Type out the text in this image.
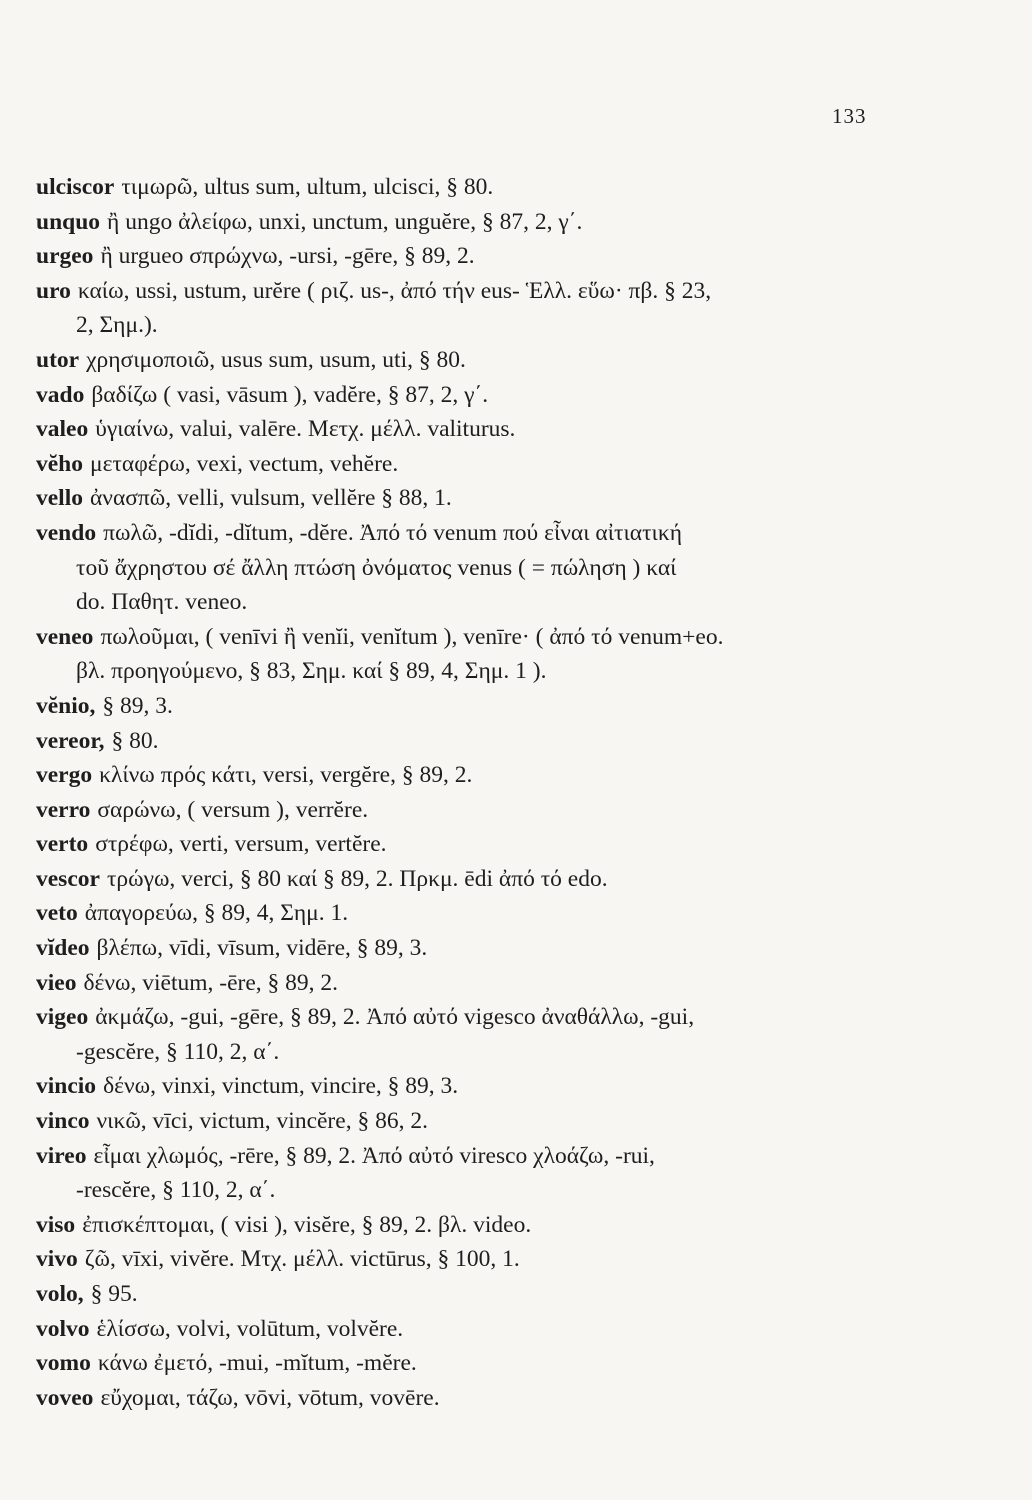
133
ulciscor τιμωρῶ, ultus sum, ultum, ulcisci, § 80.
unquo ἢ ungo ἀλείφω, unxi, unctum, unguĕre, § 87, 2, γ΄.
urgeo ἢ urgueo σπρώχνω, -ursi, -gēre, § 89, 2.
uro καίω, ussi, ustum, urĕre ( ριζ. us-, ἀπό τήν eus- Ἑλλ. εὕω· πβ. § 23,
2, Σημ.).
utor χρησιμοποιῶ, usus sum, usum, uti, § 80.
vado βαδίζω ( vasi, vāsum ), vadĕre, § 87, 2, γ΄.
valeo ὑγιαίνω, valui, valēre. Μετχ. μέλλ. valiturus.
vĕho μεταφέρω, vexi, vectum, vehĕre.
vello ἀνασπῶ, velli, vulsum, vellĕre § 88, 1.
vendo πωλῶ, -dĭdi, -dĭtum, -dĕre. Ἀπό τό venum πού εἶναι αἰτιατική
τοῦ ἄχρηστου σέ ἄλλη πτώση ὀνόματος venus ( = πώληση ) καί
do. Παθητ. veneo.
veneo πωλοῦμαι, ( venīvi ἢ venĭi, venĭtum ), venīre· ( ἀπό τό venum+eo.
βλ. προηγούμενο, § 83, Σημ. καί § 89, 4, Σημ. 1 ).
vĕnio, § 89, 3.
vereor, § 80.
vergo κλίνω πρός κάτι, versi, vergĕre, § 89, 2.
verro σαρώνω, ( versum ), verrĕre.
verto στρέφω, verti, versum, vertĕre.
vescor τρώγω, verci, § 80 καί § 89, 2. Πρκμ. ēdi ἀπό τό edo.
veto ἀπαγορεύω, § 89, 4, Σημ. 1.
vĭdeo βλέπω, vīdi, vīsum, vidēre, § 89, 3.
vieo δένω, viētum, -ēre, § 89, 2.
vigeo ἀκμάζω, -gui, -gēre, § 89, 2. Ἀπό αὐτό vigesco ἀναθάλλω, -gui,
-gescĕre, § 110, 2, α΄.
vincio δένω, vinxi, vinctum, vincire, § 89, 3.
vinco νικῶ, vīci, victum, vincĕre, § 86, 2.
vireo εἶμαι χλωμός, -rēre, § 89, 2. Ἀπό αὐτό viresco χλοάζω, -rui,
-rescĕre, § 110, 2, α΄.
viso ἐπισκέπτομαι, ( visi ), visĕre, § 89, 2. βλ. video.
vivo ζῶ, vīxi, vivĕre. Μτχ. μέλλ. victūrus, § 100, 1.
volo, § 95.
volvo ἑλίσσω, volvi, volūtum, volvĕre.
vomo κάνω ἐμετό, -mui, -mĭtum, -mĕre.
voveo εὔχομαι, τάζω, vōvi, vōtum, vovēre.
